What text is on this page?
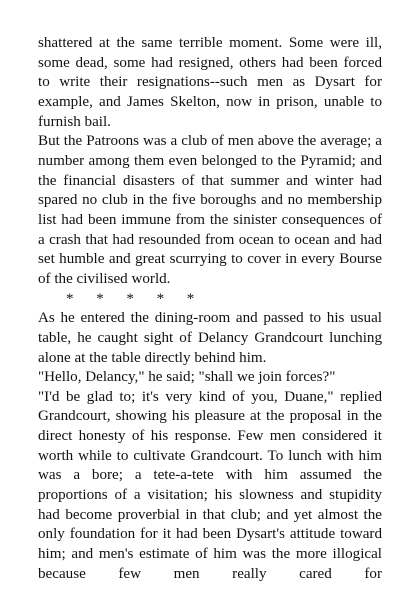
shattered at the same terrible moment. Some were ill, some dead, some had resigned, others had been forced to write their resignations--such men as Dysart for example, and James Skelton, now in prison, unable to furnish bail.

But the Patroons was a club of men above the average; a number among them even belonged to the Pyramid; and the financial disasters of that summer and winter had spared no club in the five boroughs and no membership list had been immune from the sinister consequences of a crash that had resounded from ocean to ocean and had set humble and great scurrying to cover in every Bourse of the civilised world.

*      *      *      *      *

As he entered the dining-room and passed to his usual table, he caught sight of Delancy Grandcourt lunching alone at the table directly behind him.

"Hello, Delancy," he said; "shall we join forces?"

"I'd be glad to; it's very kind of you, Duane," replied Grandcourt, showing his pleasure at the proposal in the direct honesty of his response. Few men considered it worth while to cultivate Grandcourt. To lunch with him was a bore; a tete-a-tete with him assumed the proportions of a visitation; his slowness and stupidity had become proverbial in that club; and yet almost the only foundation for it had been Dysart's attitude toward him; and men's estimate of him was the more illogical because few men really cared for
